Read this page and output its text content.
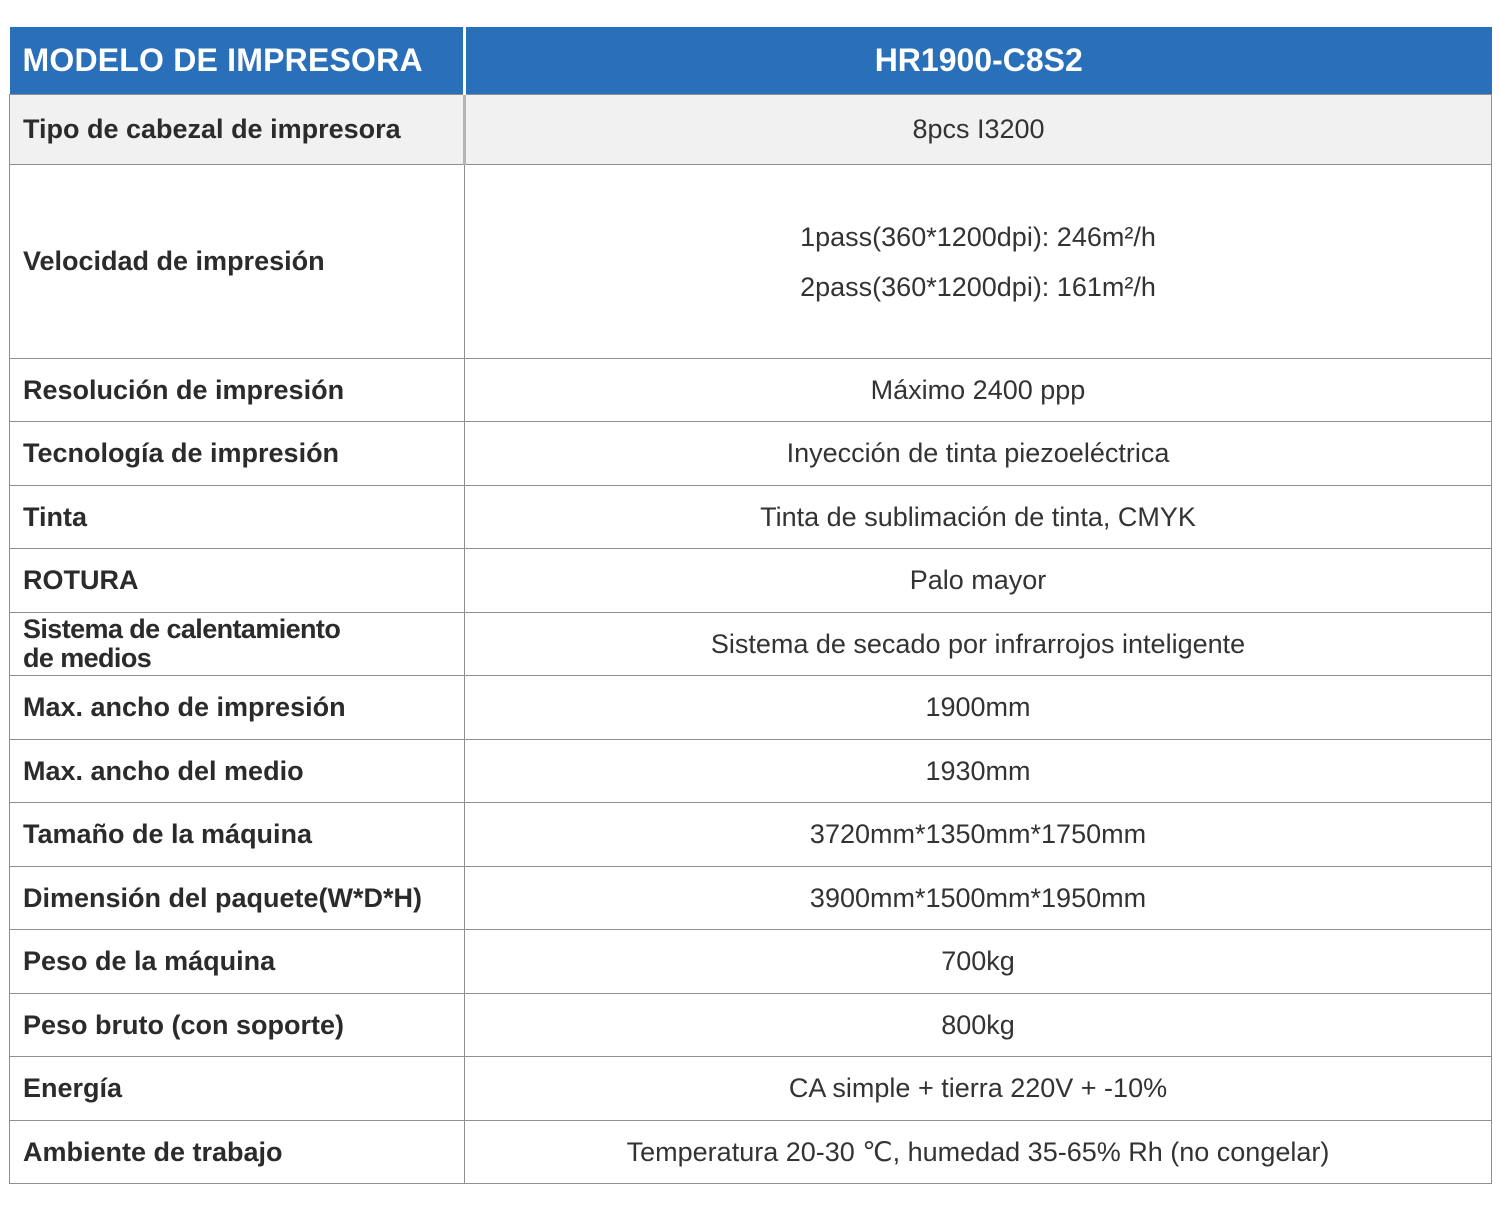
MODELO DE IMPRESORA	HR1900-C8S2
Tipo de cabezal de impresora	8pcs I3200
Velocidad de impresión	1pass(360*1200dpi): 246m²/h
2pass(360*1200dpi): 161m²/h

Resolución de impresión	Máximo 2400 ppp
Tecnología de impresión	Inyección de tinta piezoeléctrica
Tinta	Tinta de sublimación de tinta, CMYK
ROTURA	Palo mayor
Sistema de calentamiento
de medios	Sistema de secado por infrarrojos inteligente
Max. ancho de impresión	1900mm
Max. ancho del medio	1930mm
Tamaño de la máquina	3720mm*1350mm*1750mm
Dimensión del paquete(W*D*H)	3900mm*1500mm*1950mm
Peso de la máquina	700kg
Peso bruto (con soporte)	800kg
Energía	CA simple + tierra 220V + -10%
Ambiente de trabajo	Temperatura 20-30 ℃, humedad 35-65% Rh (no congelar)
